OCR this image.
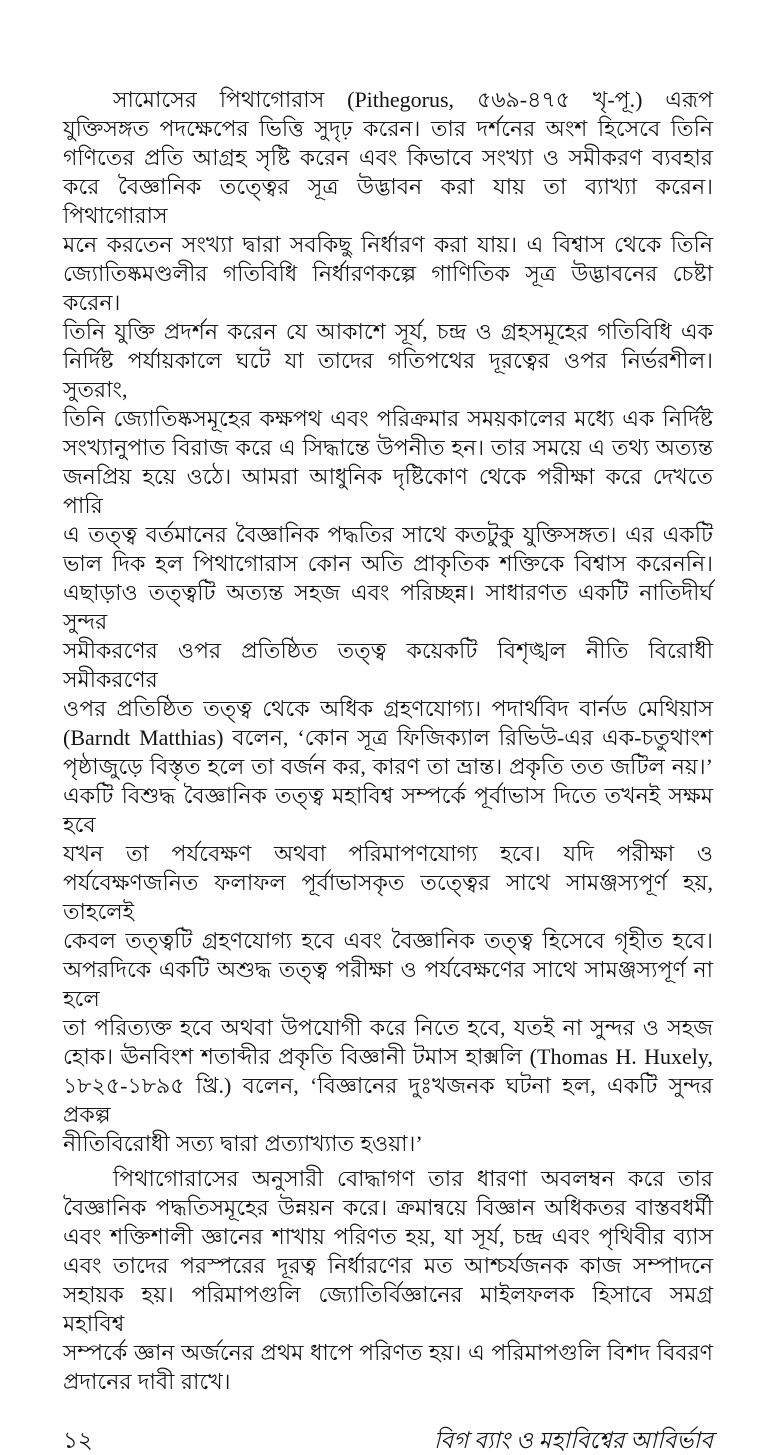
সামোসের পিথাগোরাস (Pithegorus, ৫৬৯-৪৭৫ খৃ-পূ.) এরূপ
যুক্তিসঙ্গত পদক্ষেপের ভিত্তি সুদৃঢ় করেন। তার দর্শনের অংশ হিসেবে তিনি
গণিতের প্রতি আগ্রহ সৃষ্টি করেন এবং কিভাবে সংখ্যা ও সমীকরণ ব্যবহার
করে বৈজ্ঞানিক তত্ত্বের সূত্র উদ্ভাবন করা যায় তা ব্যাখ্যা করেন। পিথাগোরাস
মনে করতেন সংখ্যা দ্বারা সবকিছু নির্ধারণ করা যায়। এ বিশ্বাস থেকে তিনি
জ্যোতিষ্কমণ্ডলীর গতিবিধি নির্ধারণকল্পে গাণিতিক সূত্র উদ্ভাবনের চেষ্টা করেন।
তিনি যুক্তি প্রদর্শন করেন যে আকাশে সূর্য, চন্দ্র ও গ্রহসমূহের গতিবিধি এক
নির্দিষ্ট পর্যায়কালে ঘটে যা তাদের গতিপথের দূরত্বের ওপর নির্ভরশীল। সুতরাং,
তিনি জ্যোতিষ্কসমূহের কক্ষপথ এবং পরিক্রমার সময়কালের মধ্যে এক নির্দিষ্ট
সংখ্যানুপাত বিরাজ করে এ সিদ্ধান্তে উপনীত হন। তার সময়ে এ তথ্য অত্যন্ত
জনপ্রিয় হয়ে ওঠে। আমরা আধুনিক দৃষ্টিকোণ থেকে পরীক্ষা করে দেখতে পারি
এ তত্ত্ব বর্তমানের বৈজ্ঞানিক পদ্ধতির সাথে কতটুকু যুক্তিসঙ্গত। এর একটি
ভাল দিক হল পিথাগোরাস কোন অতি প্রাকৃতিক শক্তিকে বিশ্বাস করেননি।
এছাড়াও তত্ত্বটি অত্যন্ত সহজ এবং পরিচ্ছন্ন। সাধারণত একটি নাতিদীর্ঘ সুন্দর
সমীকরণের ওপর প্রতিষ্ঠিত তত্ত্ব কয়েকটি বিশৃঙ্খল নীতি বিরোধী সমীকরণের
ওপর প্রতিষ্ঠিত তত্ত্ব থেকে অধিক গ্রহণযোগ্য। পদার্থবিদ বার্নড মেথিয়াস
(Barndt Matthias) বলেন, ‘কোন সূত্র ফিজিক্যাল রিভিউ-এর এক-চতুথাংশ
পৃষ্ঠাজুড়ে বিস্তৃত হলে তা বর্জন কর, কারণ তা ভ্রান্ত। প্রকৃতি তত জটিল নয়।’
একটি বিশুদ্ধ বৈজ্ঞানিক তত্ত্ব মহাবিশ্ব সম্পর্কে পূর্বাভাস দিতে তখনই সক্ষম হবে
যখন তা পর্যবেক্ষণ অথবা পরিমাপণযোগ্য হবে। যদি পরীক্ষা ও
পর্যবেক্ষণজনিত ফলাফল পূর্বাভাসকৃত তত্ত্বের সাথে সামঞ্জস্যপূর্ণ হয়, তাহলেই
কেবল তত্ত্বটি গ্রহণযোগ্য হবে এবং বৈজ্ঞানিক তত্ত্ব হিসেবে গৃহীত হবে।
অপরদিকে একটি অশুদ্ধ তত্ত্ব পরীক্ষা ও পর্যবেক্ষণের সাথে সামঞ্জস্যপূর্ণ না হলে
তা পরিত্যক্ত হবে অথবা উপযোগী করে নিতে হবে, যতই না সুন্দর ও সহজ
হোক। ঊনবিংশ শতাব্দীর প্রকৃতি বিজ্ঞানী টমাস হাক্সলি (Thomas H. Huxely,
১৮২৫-১৮৯৫ খ্রি.) বলেন, ‘বিজ্ঞানের দুঃখজনক ঘটনা হল, একটি সুন্দর প্রকল্প
নীতিবিরোধী সত্য দ্বারা প্রত্যাখ্যাত হওয়া।’
পিথাগোরাসের অনুসারী বোদ্ধাগণ তার ধারণা অবলম্বন করে তার
বৈজ্ঞানিক পদ্ধতিসমূহের উন্নয়ন করে। ক্রমান্বয়ে বিজ্ঞান অধিকতর বাস্তবধর্মী
এবং শক্তিশালী জ্ঞানের শাখায় পরিণত হয়, যা সূর্য, চন্দ্র এবং পৃথিবীর ব্যাস
এবং তাদের পরস্পরের দূরত্ব নির্ধারণের মত আশ্চর্যজনক কাজ সম্পাদনে
সহায়ক হয়। পরিমাপগুলি জ্যোতির্বিজ্ঞানের মাইলফলক হিসাবে সমগ্র মহাবিশ্ব
সম্পর্কে জ্ঞান অর্জনের প্রথম ধাপে পরিণত হয়। এ পরিমাপগুলি বিশদ বিবরণ
প্রদানের দাবী রাখে।
১২	বিগ ব্যাং ও মহাবিশ্বের আবির্ভাব
